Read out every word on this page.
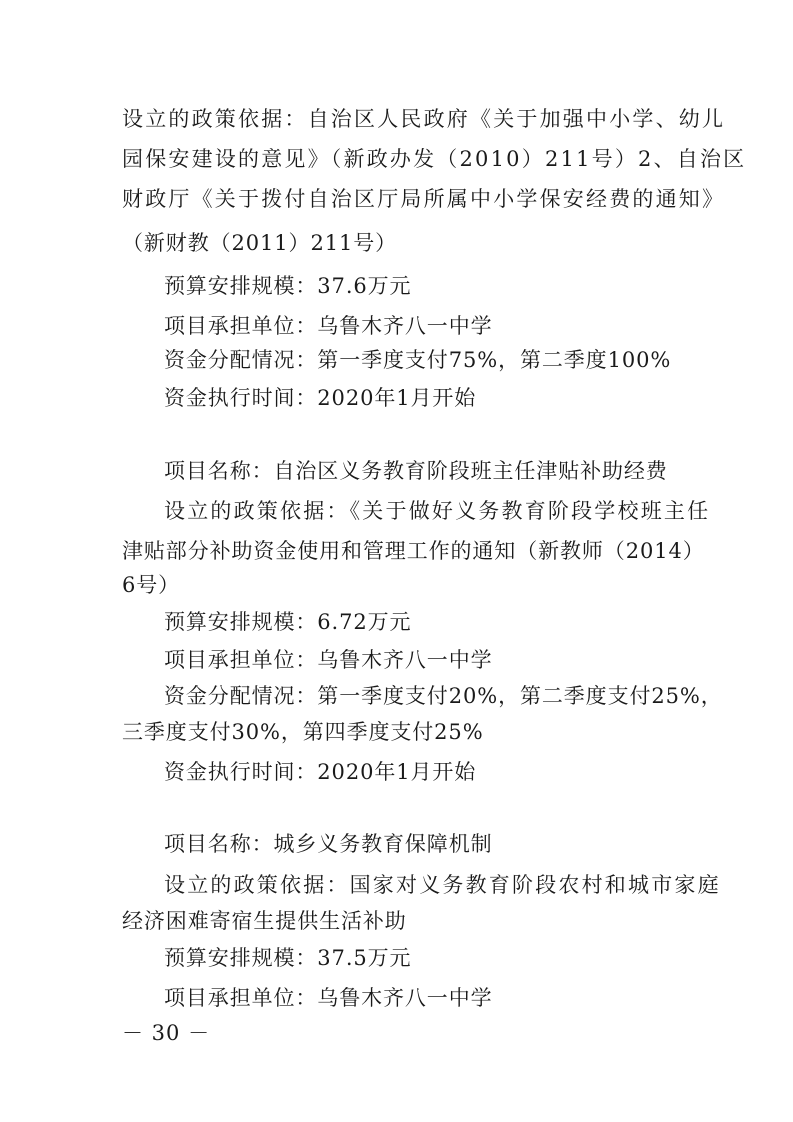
设立的政策依据：自治区人民政府《关于加强中小学、幼儿
园保安建设的意见》（新政办发（2010）211号）2、自治区
财政厅《关于拨付自治区厅局所属中小学保安经费的通知》
（新财教（2011）211号）
预算安排规模：37.6万元
项目承担单位：乌鲁木齐八一中学
资金分配情况：第一季度支付75%，第二季度100%
资金执行时间：2020年1月开始
项目名称：自治区义务教育阶段班主任津贴补助经费
设立的政策依据：《关于做好义务教育阶段学校班主任
津贴部分补助资金使用和管理工作的通知（新教师（2014）
6号）
预算安排规模：6.72万元
项目承担单位：乌鲁木齐八一中学
资金分配情况：第一季度支付20%，第二季度支付25%，
三季度支付30%，第四季度支付25%
资金执行时间：2020年1月开始
项目名称：城乡义务教育保障机制
设立的政策依据：国家对义务教育阶段农村和城市家庭
经济困难寄宿生提供生活补助
预算安排规模：37.5万元
项目承担单位：乌鲁木齐八一中学
－ 30 －
